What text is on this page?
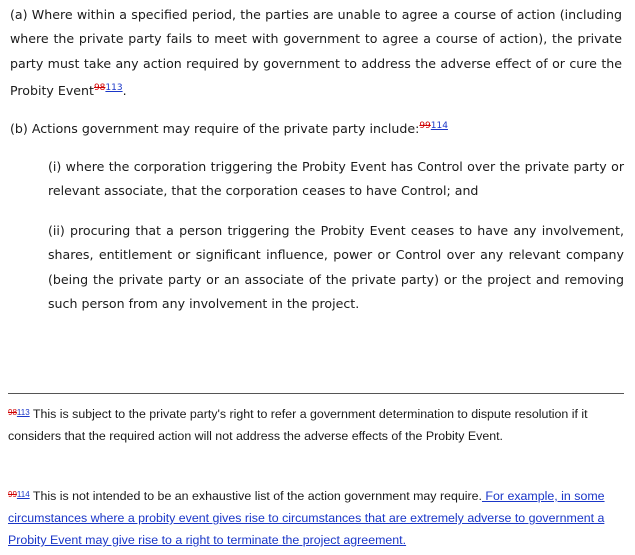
(a) Where within a specified period, the parties are unable to agree a course of action (including where the private party fails to meet with government to agree a course of action), the private party must take any action required by government to address the adverse effect of or cure the Probity Event$^{98113}$.

(b) Actions government may require of the private party include:$^{99114}$

(i) where the corporation triggering the Probity Event has Control over the private party or relevant associate, that the corporation ceases to have Control; and

(ii) procuring that a person triggering the Probity Event ceases to have any involvement, shares, entitlement or significant influence, power or Control over any relevant company (being the private party or an associate of the private party) or the project and removing such person from any involvement in the project.

$^{98113}$ This is subject to the private party's right to refer a government determination to dispute resolution if it considers that the required action will not address the adverse effects of the Probity Event.

$^{99114}$ This is not intended to be an exhaustive list of the action government may require. For example, in some circumstances where a probity event gives rise to circumstances that are extremely adverse to government a Probity Event may give rise to a right to terminate the project agreement.
